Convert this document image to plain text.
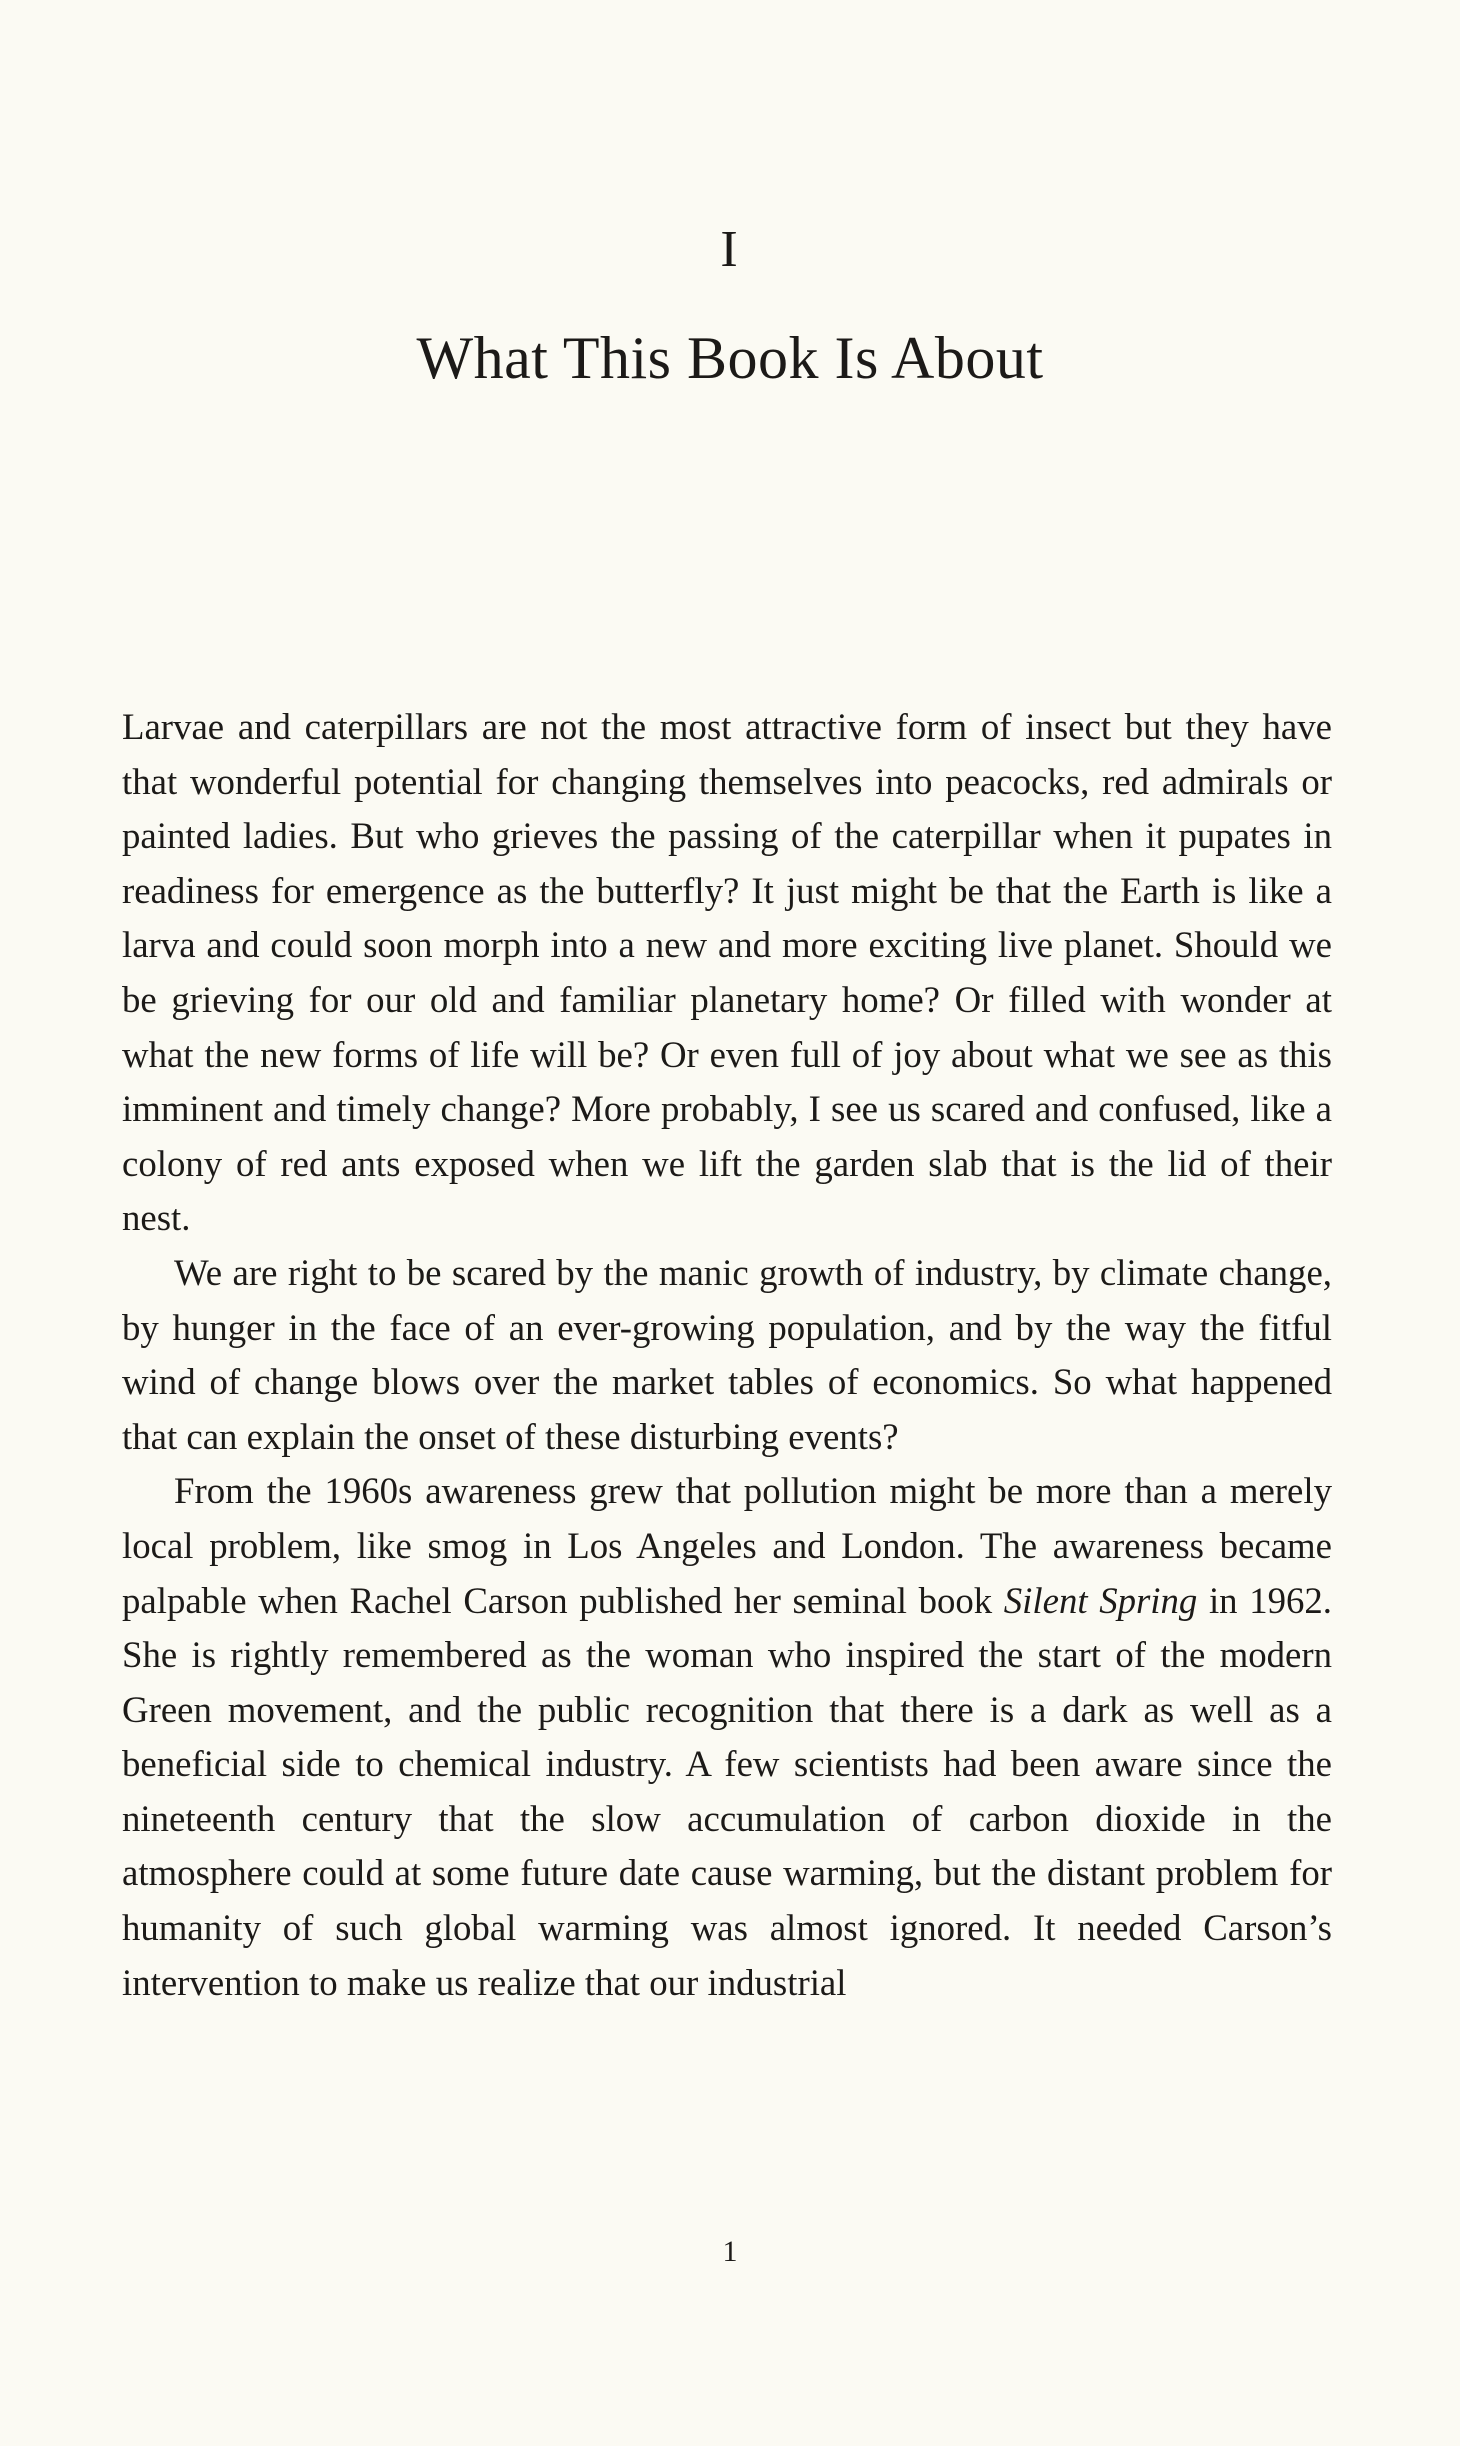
I
What This Book Is About

Larvae and caterpillars are not the most attractive form of insect but they have that wonderful potential for changing themselves into peacocks, red admirals or painted ladies. But who grieves the passing of the caterpillar when it pupates in readiness for emergence as the butterfly? It just might be that the Earth is like a larva and could soon morph into a new and more exciting live planet. Should we be grieving for our old and familiar planetary home? Or filled with wonder at what the new forms of life will be? Or even full of joy about what we see as this imminent and timely change? More probably, I see us scared and confused, like a colony of red ants exposed when we lift the garden slab that is the lid of their nest.

We are right to be scared by the manic growth of industry, by climate change, by hunger in the face of an ever-growing population, and by the way the fitful wind of change blows over the market tables of economics. So what happened that can explain the onset of these disturbing events?

From the 1960s awareness grew that pollution might be more than a merely local problem, like smog in Los Angeles and London. The awareness became palpable when Rachel Carson published her seminal book Silent Spring in 1962. She is rightly remembered as the woman who inspired the start of the modern Green movement, and the public recognition that there is a dark as well as a beneficial side to chemical industry. A few scientists had been aware since the nineteenth century that the slow accumulation of carbon dioxide in the atmosphere could at some future date cause warming, but the distant problem for humanity of such global warming was almost ignored. It needed Carson’s intervention to make us realize that our industrial

1
